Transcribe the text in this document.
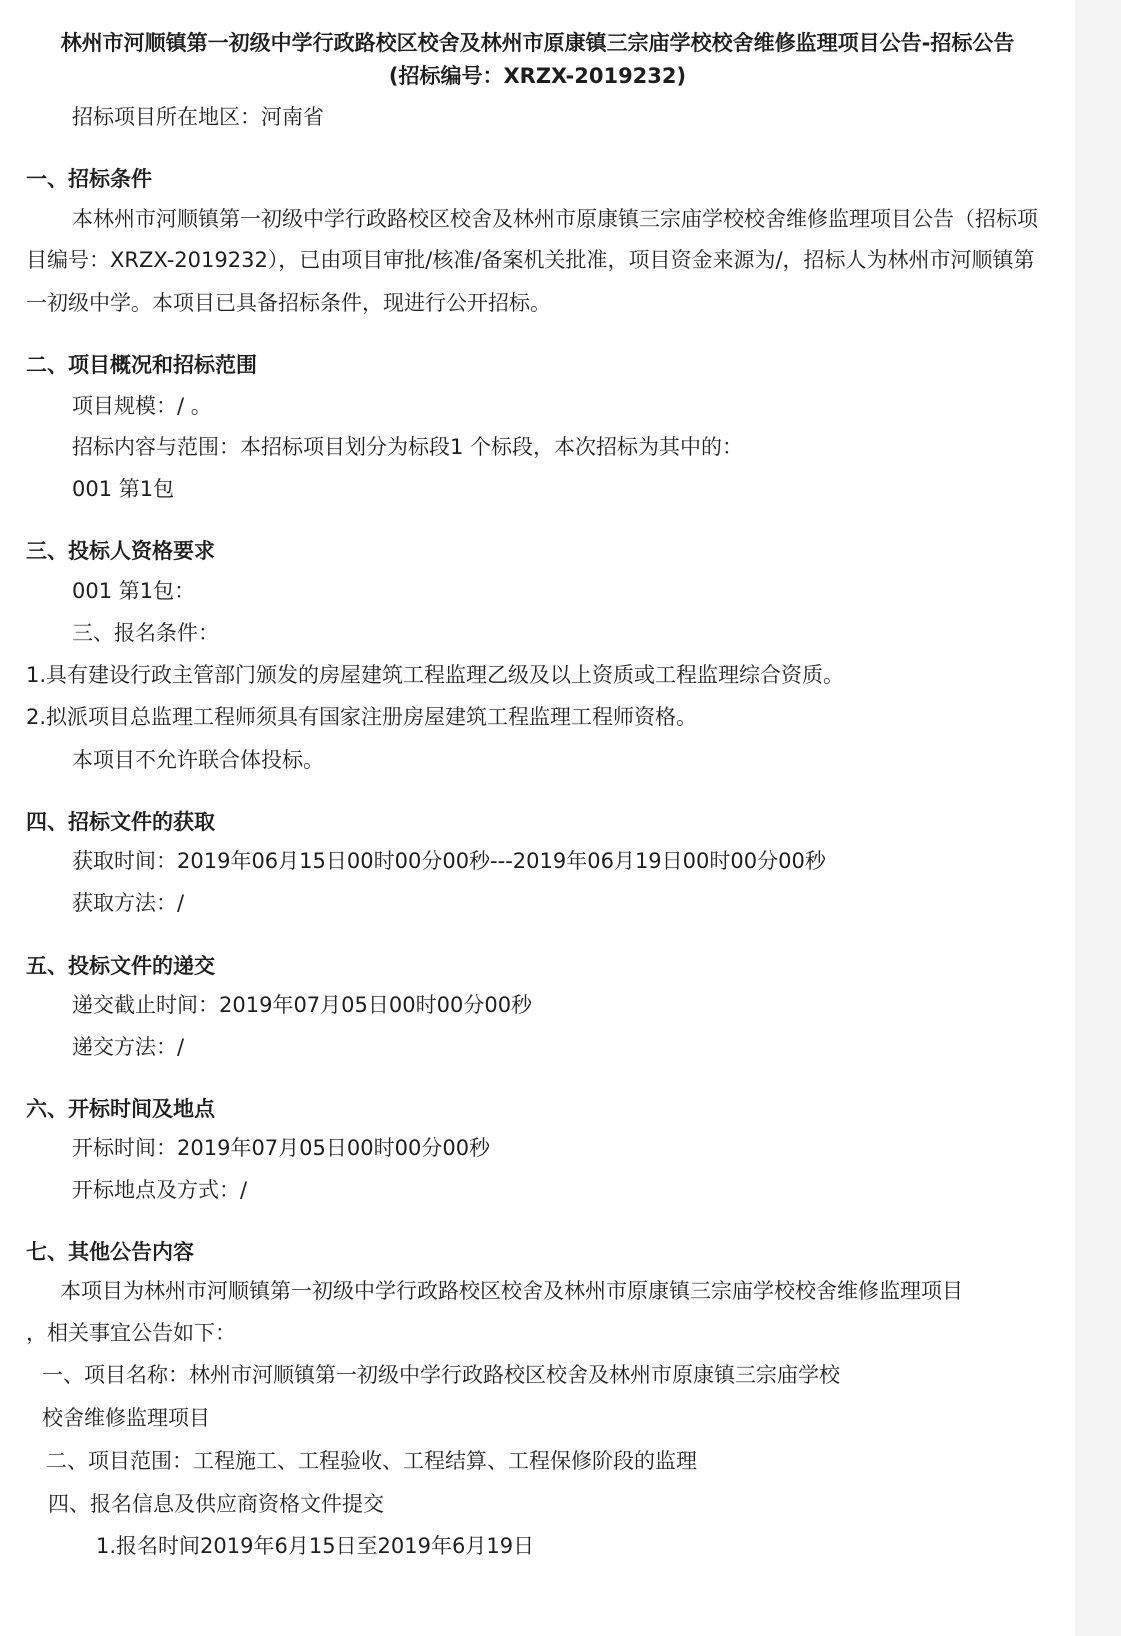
林州市河顺镇第一初级中学行政路校区校舍及林州市原康镇三宗庙学校校舍维修监理项目公告-招标公告
(招标编号：XRZX-2019232)
招标项目所在地区：河南省
一、招标条件
本林州市河顺镇第一初级中学行政路校区校舍及林州市原康镇三宗庙学校校舍维修监理项目公告（招标项
目编号：XRZX-2019232），已由项目审批/核准/备案机关批准，项目资金来源为/，招标人为林州市河顺镇第
一初级中学。本项目已具备招标条件，现进行公开招标。
二、项目概况和招标范围
项目规模：/ 。
招标内容与范围：本招标项目划分为标段1 个标段，本次招标为其中的：
001 第1包
三、投标人资格要求
001 第1包：
三、报名条件：
1.具有建设行政主管部门颁发的房屋建筑工程监理乙级及以上资质或工程监理综合资质。
2.拟派项目总监理工程师须具有国家注册房屋建筑工程监理工程师资格。
本项目不允许联合体投标。
四、招标文件的获取
获取时间：2019年06月15日00时00分00秒---2019年06月19日00时00分00秒
获取方法：/
五、投标文件的递交
递交截止时间：2019年07月05日00时00分00秒
递交方法：/
六、开标时间及地点
开标时间：2019年07月05日00时00分00秒
开标地点及方式：/
七、其他公告内容
本项目为林州市河顺镇第一初级中学行政路校区校舍及林州市原康镇三宗庙学校校舍维修监理项目
，相关事宜公告如下：
一、项目名称：林州市河顺镇第一初级中学行政路校区校舍及林州市原康镇三宗庙学校
校舍维修监理项目
二、项目范围：工程施工、工程验收、工程结算、工程保修阶段的监理
四、报名信息及供应商资格文件提交
1.报名时间2019年6月15日至2019年6月19日
